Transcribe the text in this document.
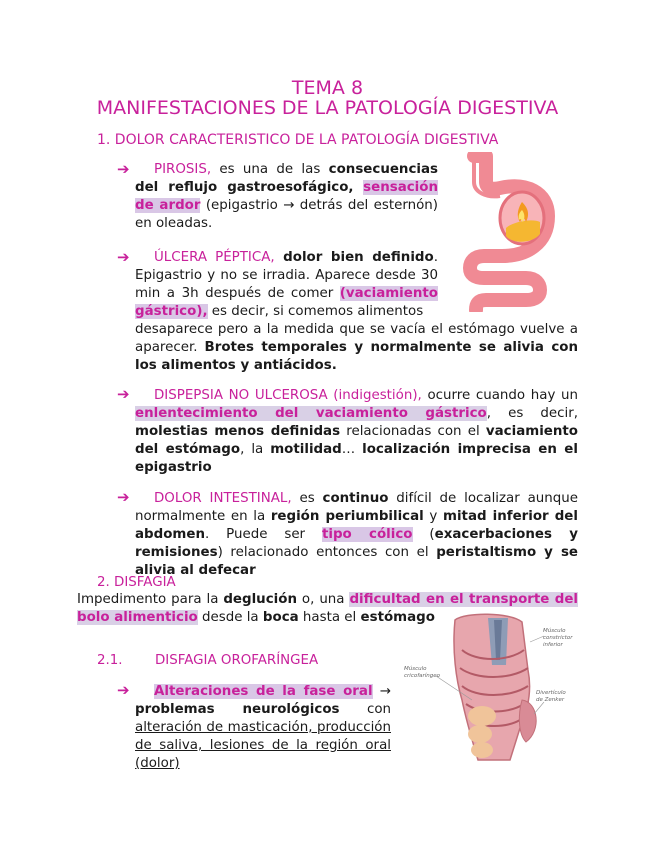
TEMA 8
MANIFESTACIONES DE LA PATOLOGÍA DIGESTIVA
1. DOLOR CARACTERISTICO DE LA PATOLOGÍA DIGESTIVA
➔	PIROSIS, es una de las consecuencias del reflujo gastroesofágico, sensación de ardor (epigastrio → detrás del esternón) en oleadas.
➔	ÚLCERA PÉPTICA, dolor bien definido. Epigastrio y no se irradia. Aparece desde 30 min a 3h después de comer (vaciamiento gástrico), es decir, si comemos alimentos
desaparece pero a la medida que se vacía el estómago vuelve a aparecer. Brotes temporales y normalmente se alivia con los alimentos y antiácidos.
➔	DISPEPSIA NO ULCEROSA (indigestión), ocurre cuando hay un enlentecimiento del vaciamiento gástrico, es decir, molestias menos definidas relacionadas con el vaciamiento del estómago, la motilidad… localización imprecisa en el epigastrio
➔	DOLOR INTESTINAL, es continuo difícil de localizar aunque normalmente en la región periumbilical y mitad inferior del abdomen. Puede ser tipo cólico (exacerbaciones y remisiones) relacionado entonces con el peristaltismo y se alivia al defecar
2. DISFAGIA
Impedimento para la deglución o, una dificultad en el transporte del bolo alimenticio desde la boca hasta el estómago
2.1. DISFAGIA OROFARÍNGEA
➔	Alteraciones de la fase oral → problemas neurológicos con alteración de masticación, producción de saliva, lesiones de la región oral (dolor)
Músculo
cricofaríngeo
Músculo
constrictor
inferior
Divertículo
de Zenker
